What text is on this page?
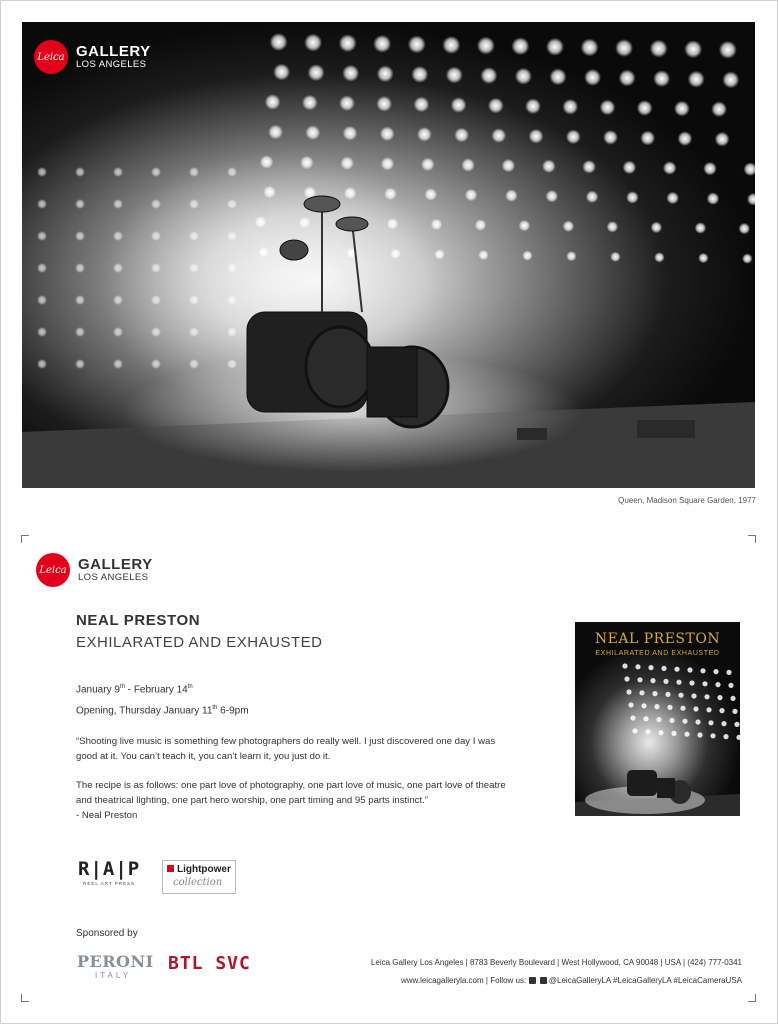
Leica GALLERY
LOS ANGELES
Queen, Madison Square Garden, 1977
Leica GALLERY
LOS ANGELES
NEAL PRESTON
EXHILARATED AND EXHAUSTED
January 9th - February 14th
Opening, Thursday January 11th 6-9pm

“Shooting live music is something few photographers do really well. I just discovered one day I was good at it. You can’t teach it, you can’t learn it, you just do it.

The recipe is as follows: one part love of photography, one part love of music, one part love of theatre and theatrical lighting, one part hero worship, one part timing and 95 parts instinct.”

- Neal Preston
NEAL PRESTON
EXHILARATED AND EXHAUSTED
R|A|P
REEL ART PRESS
Lightpower
collection
Sponsored by
PERONI
ITALY
BTL SVC	Leica Gallery Los Angeles | 8783 Beverly Boulevard | West Hollywood, CA 90048 | USA | (424) 777-0341
www.leicagalleryla.com | Follow us:	@LeicaGalleryLA #LeicaGalleryLA #LeicaCameraUSA
